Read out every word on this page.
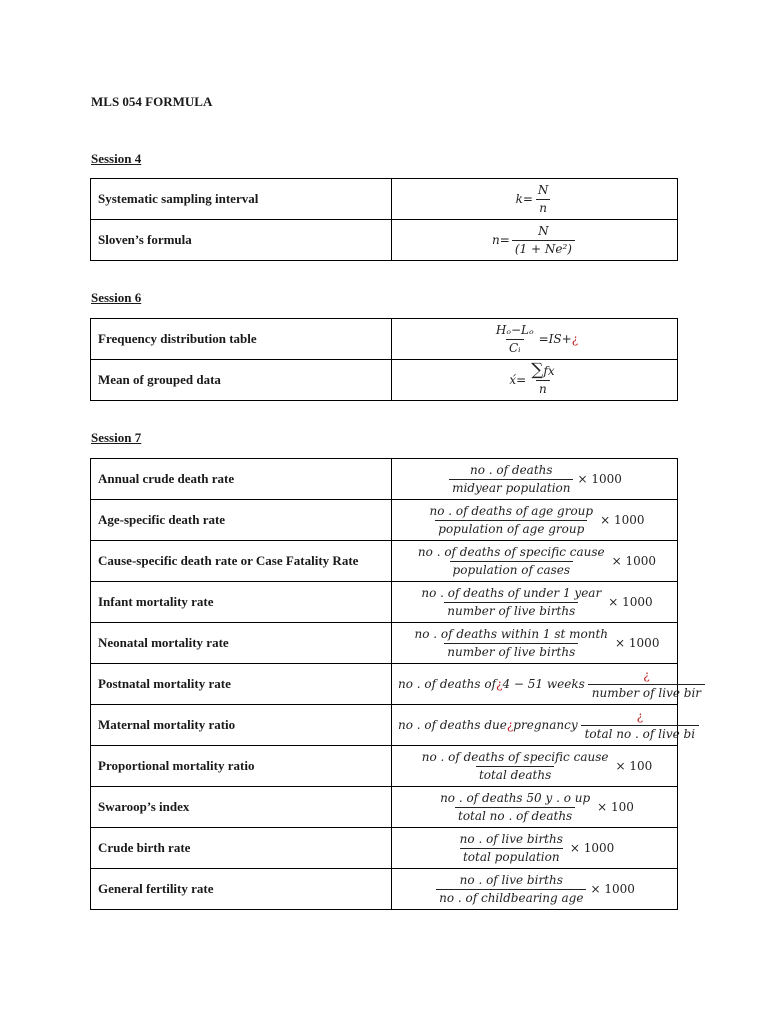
MLS 054 FORMULA
Session 4
Systematic sampling interval	$k= \frac{N}{n}$

Sloven’s formula	$n= \frac{N}{\text{(1 + Ne²)}}$
Session 6
Frequency distribution table	$\frac{\text{Hₒ−Lₒ}}{\text{Cᵢ}}$ =IS+¿
Mean of grouped data	x́= $\frac{\sum fx}{n}$
Session 7
Annual crude death rate	$\frac{\text{no . of deaths}}{\text{midyear population}} \times 1000$
Age-specific death rate	$\frac{\text{no . of deaths of age group}}{\text{population of age group}} \times 1000$
Cause-specific death rate or Case Fatality Rate	$\frac{\text{no . of deaths of specific cause}}{\text{population of cases}} \times 1000$
Infant mortality rate	$\frac{\text{no . of deaths of under 1 year}}{\text{number of live births}} \times 1000$
Neonatal mortality rate	$\frac{\text{no . of deaths within 1 st month}}{\text{number of live births}} \times 1000$
Postnatal mortality rate	no . of deaths of ¿ 4 − 51 weeks $\frac{¿}{\text{number of live bir}}$

Maternal mortality ratio	no . of deaths due ¿ pregnancy $\frac{¿}{\text{total no . of live bi}}$

Proportional mortality ratio	$\frac{\text{no . of deaths of specific cause}}{\text{total deaths}} \times 100$
Swaroop’s index	$\frac{\text{no . of deaths 50 y . o up}}{\text{total no . of deaths}} \times 100$
Crude birth rate	$\frac{\text{no . of live births}}{\text{total population}} \times 1000$
General fertility rate	$\frac{\text{no . of live births}}{\text{no . of childbearing age}} \times 1000$
